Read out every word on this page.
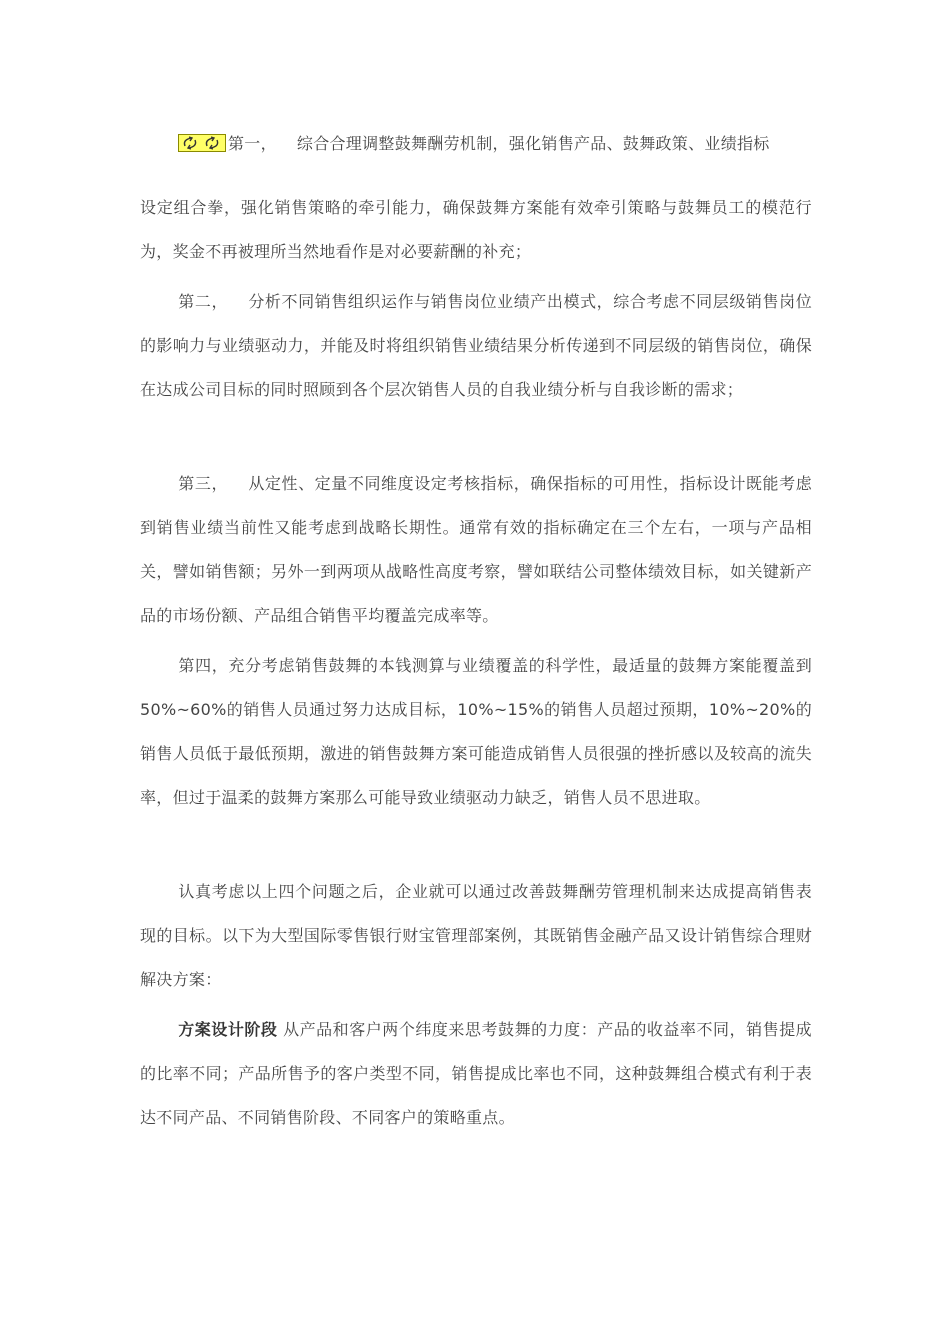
第一， 综合合理调整鼓舞酬劳机制，强化销售产品、鼓舞政策、业绩指标

设定组合拳，强化销售策略的牵引能力，确保鼓舞方案能有效牵引策略与鼓舞员工的模范行为，奖金不再被理所当然地看作是对必要薪酬的补充；

第二， 分析不同销售组织运作与销售岗位业绩产出模式，综合考虑不同层级销售岗位的影响力与业绩驱动力，并能及时将组织销售业绩结果分析传递到不同层级的销售岗位，确保在达成公司目标的同时照顾到各个层次销售人员的自我业绩分析与自我诊断的需求；

第三， 从定性、定量不同维度设定考核指标，确保指标的可用性，指标设计既能考虑到销售业绩当前性又能考虑到战略长期性。通常有效的指标确定在三个左右，一项与产品相关，譬如销售额；另外一到两项从战略性高度考察，譬如联结公司整体绩效目标，如关键新产品的市场份额、产品组合销售平均覆盖完成率等。

第四，充分考虑销售鼓舞的本钱测算与业绩覆盖的科学性，最适量的鼓舞方案能覆盖到50%~60%的销售人员通过努力达成目标，10%~15%的销售人员超过预期，10%~20%的销售人员低于最低预期，激进的销售鼓舞方案可能造成销售人员很强的挫折感以及较高的流失率，但过于温柔的鼓舞方案那么可能导致业绩驱动力缺乏，销售人员不思进取。

认真考虑以上四个问题之后，企业就可以通过改善鼓舞酬劳管理机制来达成提高销售表现的目标。以下为大型国际零售银行财宝管理部案例，其既销售金融产品又设计销售综合理财解决方案：

方案设计阶段 从产品和客户两个纬度来思考鼓舞的力度：产品的收益率不同，销售提成的比率不同；产品所售予的客户类型不同，销售提成比率也不同，这种鼓舞组合模式有利于表达不同产品、不同销售阶段、不同客户的策略重点。
